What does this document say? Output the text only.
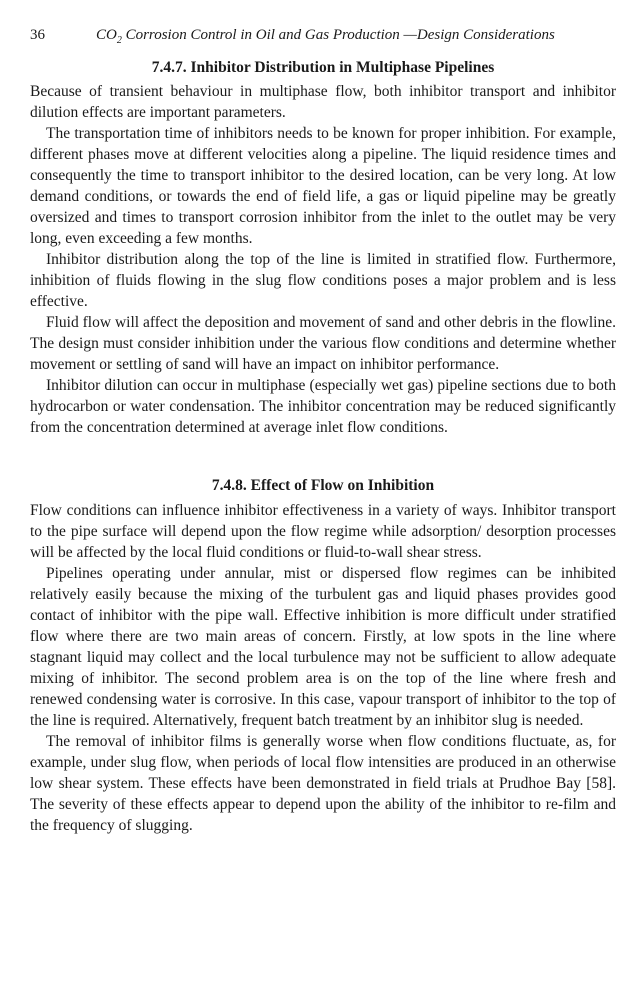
36	$CO_2$ Corrosion Control in Oil and Gas Production —Design Considerations
7.4.7. Inhibitor Distribution in Multiphase Pipelines

Because of transient behaviour in multiphase flow, both inhibitor transport and inhibitor dilution effects are important parameters.

The transportation time of inhibitors needs to be known for proper inhibition. For example, different phases move at different velocities along a pipeline. The liquid residence times and consequently the time to transport inhibitor to the desired location, can be very long. At low demand conditions, or towards the end of field life, a gas or liquid pipeline may be greatly oversized and times to transport corrosion inhibitor from the inlet to the outlet may be very long, even exceeding a few months.

Inhibitor distribution along the top of the line is limited in stratified flow. Furthermore, inhibition of fluids flowing in the slug flow conditions poses a major problem and is less effective.

Fluid flow will affect the deposition and movement of sand and other debris in the flowline. The design must consider inhibition under the various flow conditions and determine whether movement or settling of sand will have an impact on inhibitor performance.

Inhibitor dilution can occur in multiphase (especially wet gas) pipeline sections due to both hydrocarbon or water condensation. The inhibitor concentration may be reduced significantly from the concentration determined at average inlet flow conditions.

7.4.8. Effect of Flow on Inhibition

Flow conditions can influence inhibitor effectiveness in a variety of ways. Inhibitor transport to the pipe surface will depend upon the flow regime while adsorption/ desorption processes will be affected by the local fluid conditions or fluid-to-wall shear stress.

Pipelines operating under annular, mist or dispersed flow regimes can be inhibited relatively easily because the mixing of the turbulent gas and liquid phases provides good contact of inhibitor with the pipe wall. Effective inhibition is more difficult under stratified flow where there are two main areas of concern. Firstly, at low spots in the line where stagnant liquid may collect and the local turbulence may not be sufficient to allow adequate mixing of inhibitor. The second problem area is on the top of the line where fresh and renewed condensing water is corrosive. In this case, vapour transport of inhibitor to the top of the line is required. Alternatively, frequent batch treatment by an inhibitor slug is needed.

The removal of inhibitor films is generally worse when flow conditions fluctuate, as, for example, under slug flow, when periods of local flow intensities are produced in an otherwise low shear system. These effects have been demonstrated in field trials at Prudhoe Bay [58]. The severity of these effects appear to depend upon the ability of the inhibitor to re-film and the frequency of slugging.
